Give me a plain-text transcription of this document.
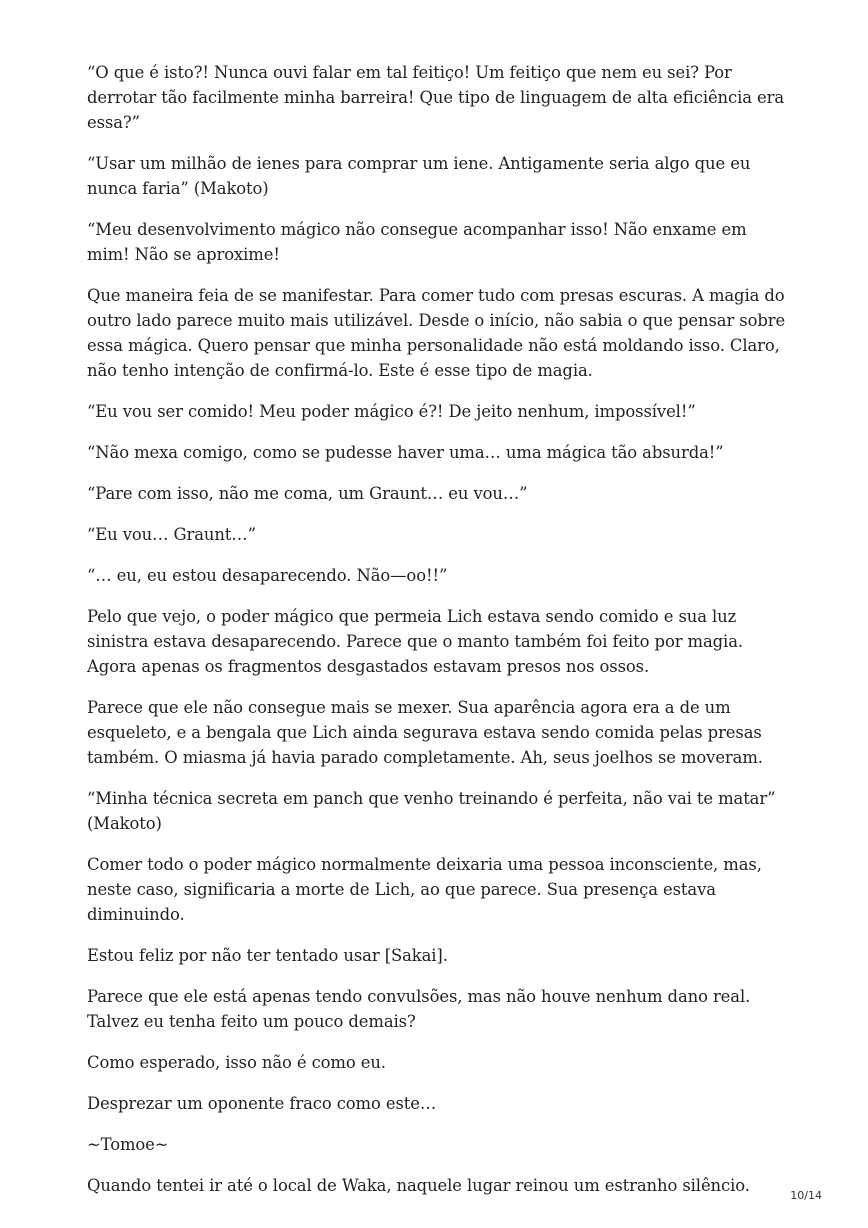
“O que é isto?! Nunca ouvi falar em tal feitiço! Um feitiço que nem eu sei? Por derrotar tão facilmente minha barreira! Que tipo de linguagem de alta eficiência era essa?”

“Usar um milhão de ienes para comprar um iene. Antigamente seria algo que eu nunca faria” (Makoto)

“Meu desenvolvimento mágico não consegue acompanhar isso! Não enxame em mim! Não se aproxime!

Que maneira feia de se manifestar. Para comer tudo com presas escuras. A magia do outro lado parece muito mais utilizável. Desde o início, não sabia o que pensar sobre essa mágica. Quero pensar que minha personalidade não está moldando isso. Claro, não tenho intenção de confirmá-lo. Este é esse tipo de magia.

“Eu vou ser comido! Meu poder mágico é?! De jeito nenhum, impossível!”

“Não mexa comigo, como se pudesse haver uma… uma mágica tão absurda!”

“Pare com isso, não me coma, um Graunt… eu vou…”

“Eu vou… Graunt…”

“… eu, eu estou desaparecendo. Não—oo!!”

Pelo que vejo, o poder mágico que permeia Lich estava sendo comido e sua luz sinistra estava desaparecendo. Parece que o manto também foi feito por magia. Agora apenas os fragmentos desgastados estavam presos nos ossos.

Parece que ele não consegue mais se mexer. Sua aparência agora era a de um esqueleto, e a bengala que Lich ainda segurava estava sendo comida pelas presas também. O miasma já havia parado completamente. Ah, seus joelhos se moveram.

“Minha técnica secreta em panch que venho treinando é perfeita, não vai te matar” (Makoto)

Comer todo o poder mágico normalmente deixaria uma pessoa inconsciente, mas, neste caso, significaria a morte de Lich, ao que parece. Sua presença estava diminuindo.

Estou feliz por não ter tentado usar [Sakai].

Parece que ele está apenas tendo convulsões, mas não houve nenhum dano real. Talvez eu tenha feito um pouco demais?

Como esperado, isso não é como eu.

Desprezar um oponente fraco como este…

~Tomoe~

Quando tentei ir até o local de Waka, naquele lugar reinou um estranho silêncio.

10/14
